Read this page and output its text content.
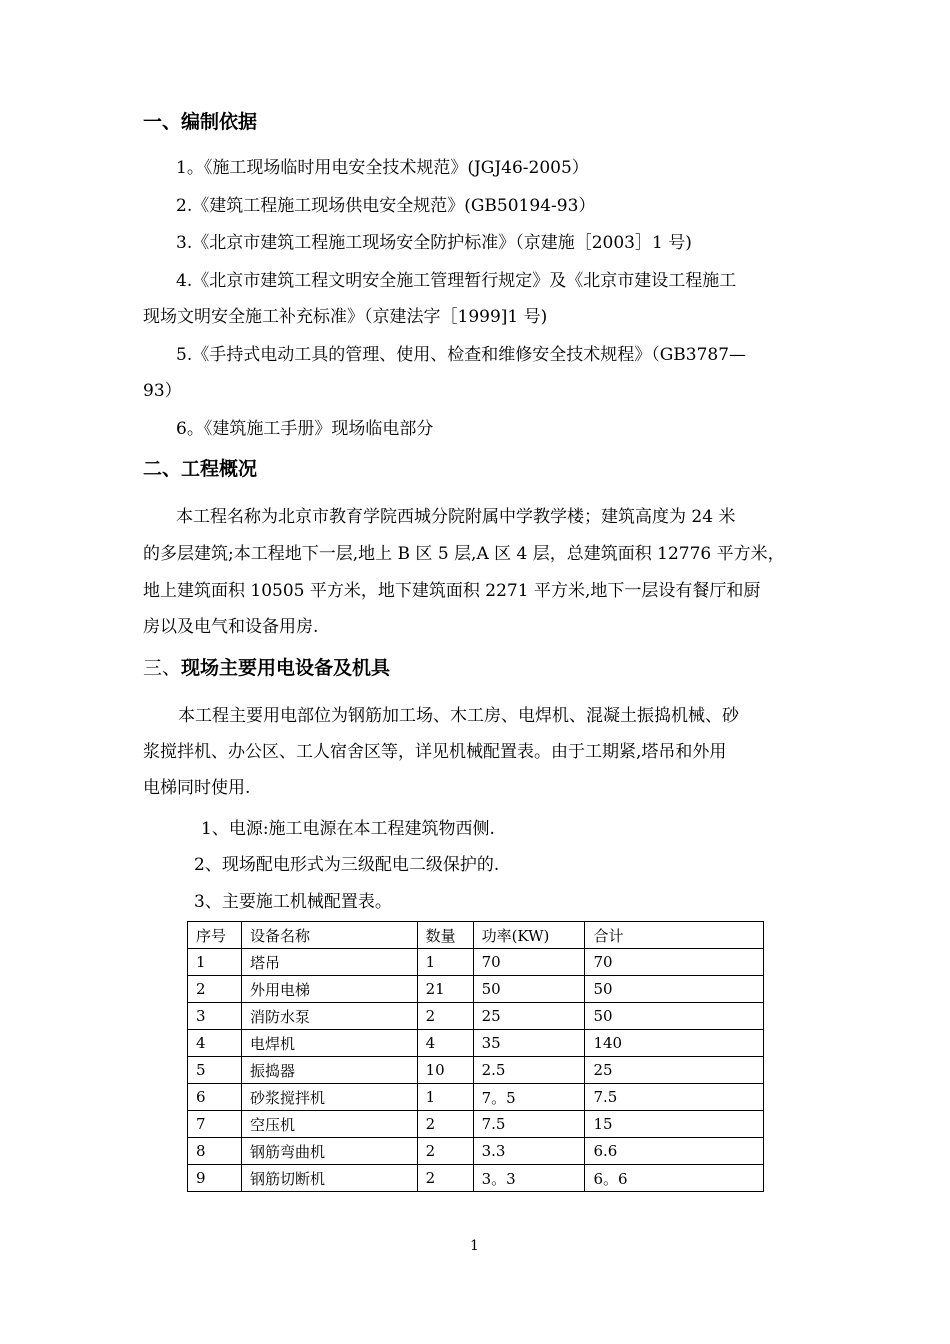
一、编制依据
1。《施工现场临时用电安全技术规范》(JGJ46-2005）
2.《建筑工程施工现场供电安全规范》(GB50194-93）
3.《北京市建筑工程施工现场安全防护标准》（京建施［2003］1 号)
4.《北京市建筑工程文明安全施工管理暂行规定》及《北京市建设工程施工
现场文明安全施工补充标准》（京建法字［1999]1 号)
5.《手持式电动工具的管理、使用、检查和维修安全技术规程》（GB3787—
93）
6。《建筑施工手册》现场临电部分
二、工程概况
本工程名称为北京市教育学院西城分院附属中学教学楼；建筑高度为 24 米
的多层建筑;本工程地下一层,地上 B 区 5 层,A 区 4 层，总建筑面积 12776 平方米，
地上建筑面积 10505 平方米，地下建筑面积 2271 平方米,地下一层设有餐厅和厨
房以及电气和设备用房.
三、现场主要用电设备及机具
本工程主要用电部位为钢筋加工场、木工房、电焊机、混凝土振捣机械、砂
浆搅拌机、办公区、工人宿舍区等，详见机械配置表。由于工期紧,塔吊和外用
电梯同时使用.
1、电源:施工电源在本工程建筑物西侧.
2、现场配电形式为三级配电二级保护的.
3、主要施工机械配置表。
序号	设备名称	数量	功率(KW)	合计
1	塔吊	1	70	70
2	外用电梯	21	50	50
3	消防水泵	2	25	50
4	电焊机	4	35	140
5	振捣器	10	2.5	25
6	砂浆搅拌机	1	7。5	7.5
7	空压机	2	7.5	15
8	钢筋弯曲机	2	3.3	6.6
9	钢筋切断机	2	3。3	6。6
1
